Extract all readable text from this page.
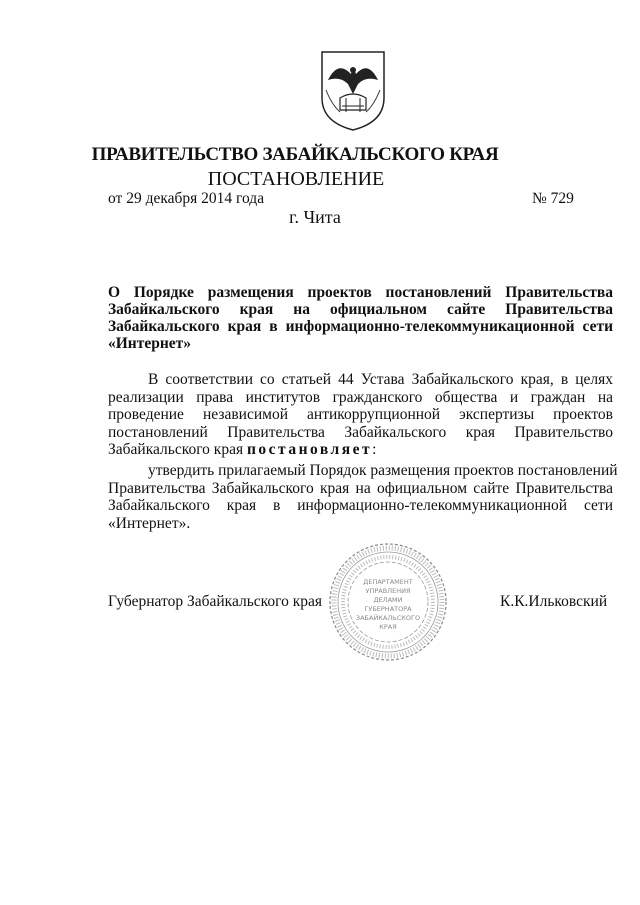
ПРАВИТЕЛЬСТВО ЗАБАЙКАЛЬСКОГО КРАЯ
ПОСТАНОВЛЕНИЕ
от 29 декабря 2014 года	№ 729
г. Чита
О Порядке размещения проектов постановлений Правительства
Забайкальского края на официальном сайте Правительства
Забайкальского края в информационно-телекоммуникационной сети
«Интернет»
В соответствии со статьей 44 Устава Забайкальского края, в целях
реализации права институтов гражданского общества и граждан на
проведение независимой антикоррупционной экспертизы проектов
постановлений Правительства Забайкальского края Правительство
Забайкальского края постановляет:
утвердить прилагаемый Порядок размещения проектов постановлений
Правительства Забайкальского края на официальном сайте Правительства
Забайкальского края в информационно-телекоммуникационной сети
«Интернет».
ДЕПАРТАМЕНТ
УПРАВЛЕНИЯ
ДЕЛАМИ
ГУБЕРНАТОРА
ЗАБАЙКАЛЬСКОГО
КРАЯ
Губернатор Забайкальского края	К.К.Ильковский
